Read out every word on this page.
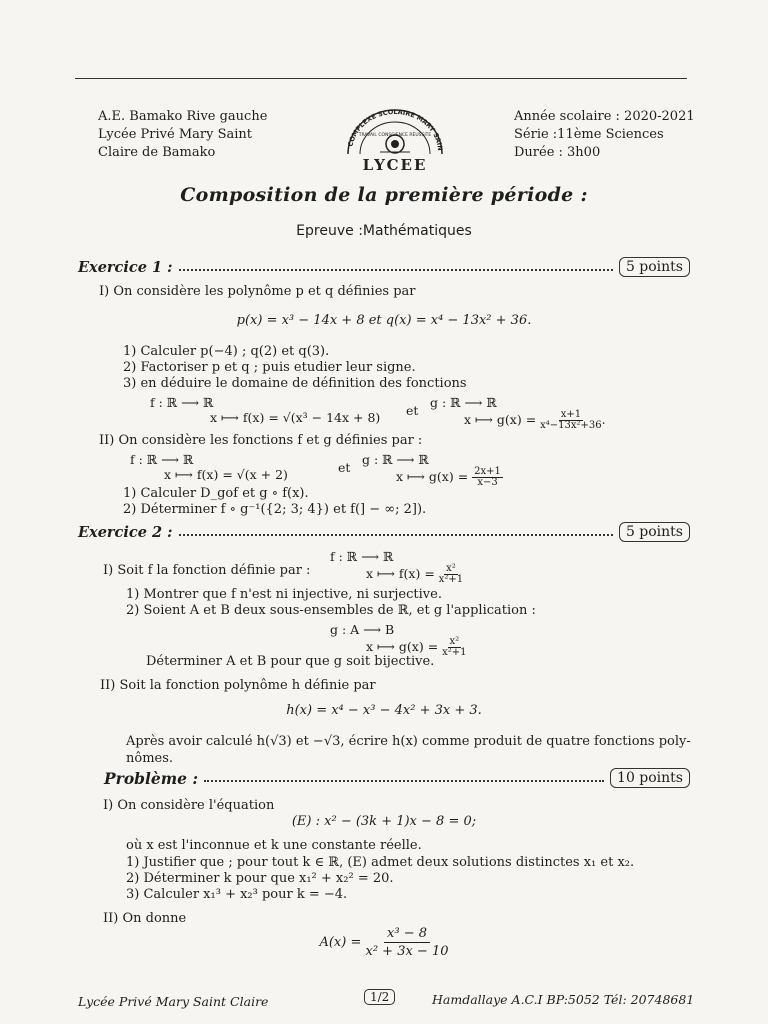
A.E. Bamako Rive gauche
Lycée Privé Mary Saint
Claire de Bamako
COMPLEXE SCOLAIRE MARY SAIN
TRAVAIL CONSCIENCE RÉUSSITE
LYCEE
Année scolaire : 2020-2021
Série :11ème Sciences
Durée : 3h00
Composition de la première période :
Epreuve :Mathématiques
Exercice 1 :	5 points
I) On considère les polynôme p et q définies par
p(x) = x³ − 14x + 8 et q(x) = x⁴ − 13x² + 36.
1) Calculer p(−4) ; q(2) et q(3).
2) Factoriser p et q ; puis etudier leur signe.
3) en déduire le domaine de définition des fonctions
f : ℝ ⟶ ℝ
x ⟼ f(x) = √(x³ − 14x + 8) et
g : ℝ ⟶ ℝ
x ⟼ $g(x) = \frac{x+1}{\text{x⁴−13x²+36}}$ .
II) On considère les fonctions f et g définies par :
f : ℝ ⟶ ℝ
x ⟼ f(x) = √(x + 2)	et
g : ℝ ⟶ ℝ
x ⟼ $g(x) = \frac{2x+1}{x-3}$
1) Calculer D_gof et g ∘ f(x).
2) Déterminer f ∘ g⁻¹({2; 3; 4}) et f(] − ∞; 2]).
Exercice 2 :	5 points
I) Soit f la fonction définie par :
f : ℝ ⟶ ℝ
x ⟼ $f(x) = \frac{\text{x²}}{\text{x²+1}}$
1) Montrer que f n'est ni injective, ni surjective.
2) Soient A et B deux sous-ensembles de ℝ, et g l'application :
g : A ⟶ B
x ⟼ $g(x) = \frac{\text{x²}}{\text{x²+1}}$
Déterminer A et B pour que g soit bijective.
II) Soit la fonction polynôme h définie par
h(x) = x⁴ − x³ − 4x² + 3x + 3.
Après avoir calculé h(√3) et −√3, écrire h(x) comme produit de quatre fonctions poly-
nômes.
Problème :	10 points
I) On considère l'équation
(E) : x² − (3k + 1)x − 8 = 0;
où x est l'inconnue et k une constante réelle.
1) Justifier que ; pour tout k ∈ ℝ, (E) admet deux solutions distinctes x₁ et x₂.
2) Déterminer k pour que x₁² + x₂² = 20.
3) Calculer x₁³ + x₂³ pour k = −4.
II) On donne
$A(x) = \frac{\text{x³ − 8}}{\text{x² + 3x − 10}}$
Lycée Privé Mary Saint Claire	1/2	Hamdallaye A.C.I BP:5052 Tél: 20748681
